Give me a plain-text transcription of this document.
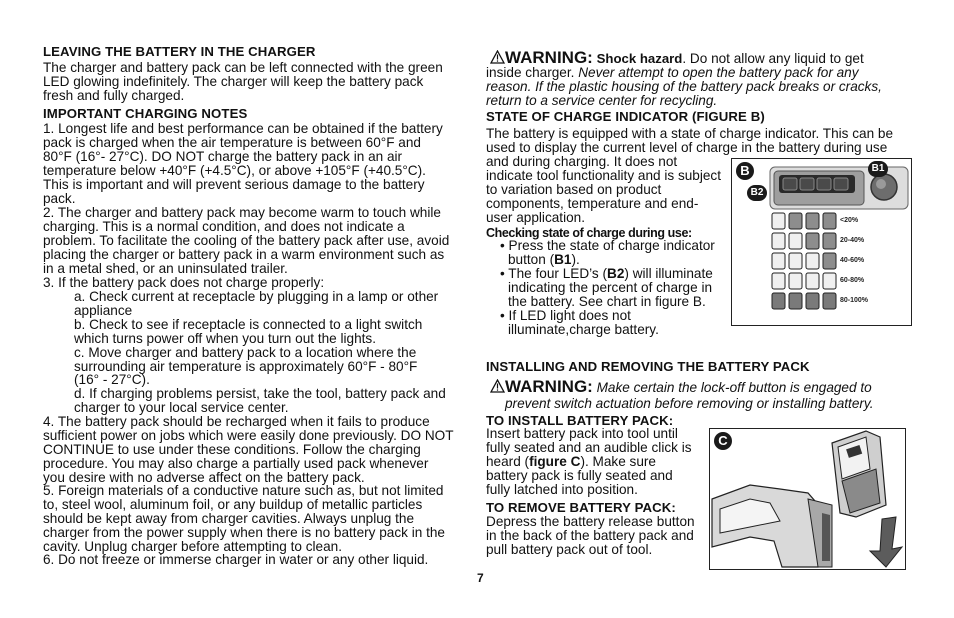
LEAVING THE BATTERY IN THE CHARGER

The charger and battery pack can be left connected with the green

LED glowing indefinitely. The charger will keep the battery pack

fresh and fully charged.

IMPORTANT CHARGING NOTES

1. Longest life and best performance can be obtained if the battery

pack is charged when the air temperature is between 60°F and

80°F (16°- 27°C). DO NOT charge the battery pack in an air

temperature below +40°F (+4.5°C), or above +105°F (+40.5°C).

This is important and will prevent serious damage to the battery

pack.

2. The charger and battery pack may become warm to touch while

charging. This is a normal condition, and does not indicate a

problem. To facilitate the cooling of the battery pack after use, avoid

placing the charger or battery pack in a warm environment such as

in a metal shed, or an uninsulated trailer.

3. If the battery pack does not charge properly:

a. Check current at receptacle by plugging in a lamp or other

appliance

b. Check to see if receptacle is connected to a light switch

which turns power off when you turn out the lights.

c. Move charger and battery pack to a location where the

surrounding air temperature is approximately 60°F - 80°F

(16° - 27°C).

d. If charging problems persist, take the tool, battery pack and

charger to your local service center.

4. The battery pack should be recharged when it fails to produce

sufficient power on jobs which were easily done previously. DO NOT

CONTINUE to use under these conditions. Follow the charging

procedure. You may also charge a partially used pack whenever

you desire with no adverse affect on the battery pack.

5. Foreign materials of a conductive nature such as, but not limited

to, steel wool, aluminum foil, or any buildup of metallic particles

should be kept away from charger cavities. Always unplug the

charger from the power supply when there is no battery pack in the

cavity. Unplug charger before attempting to clean.

6. Do not freeze or immerse charger in water or any other liquid.

WARNING: Shock hazard. Do not allow any liquid to get
inside charger. Never attempt to open the battery pack for any

reason. If the plastic housing of the battery pack breaks or cracks,

return to a service center for recycling.

STATE OF CHARGE INDICATOR (FIGURE B)

The battery is equipped with a state of charge indicator. This can be

used to display the current level of charge in the battery during use

and during charging. It does not

indicate tool functionality and is subject

to variation based on product

components, temperature and end-

user application.

Checking state of charge during use:

• Press the state of charge indicator

button (B1).

• The four LED’s (B2) will illuminate

indicating the percent of charge in

the battery. See chart in figure B.

• If LED light does not

illuminate,charge battery.

INSTALLING AND REMOVING THE BATTERY PACK
WARNING: Make certain the lock-off button is engaged to
prevent switch actuation before removing or installing battery.
TO INSTALL BATTERY PACK:

Insert battery pack into tool until

fully seated and an audible click is

heard (figure C). Make sure

battery pack is fully seated and

fully latched into position.

TO REMOVE BATTERY PACK:

Depress the battery release button

in the back of the battery pack and

pull battery pack out of tool.

B	B1
B2
<20%
20-40%
40-60%
60-80%
80-100%
C
7
